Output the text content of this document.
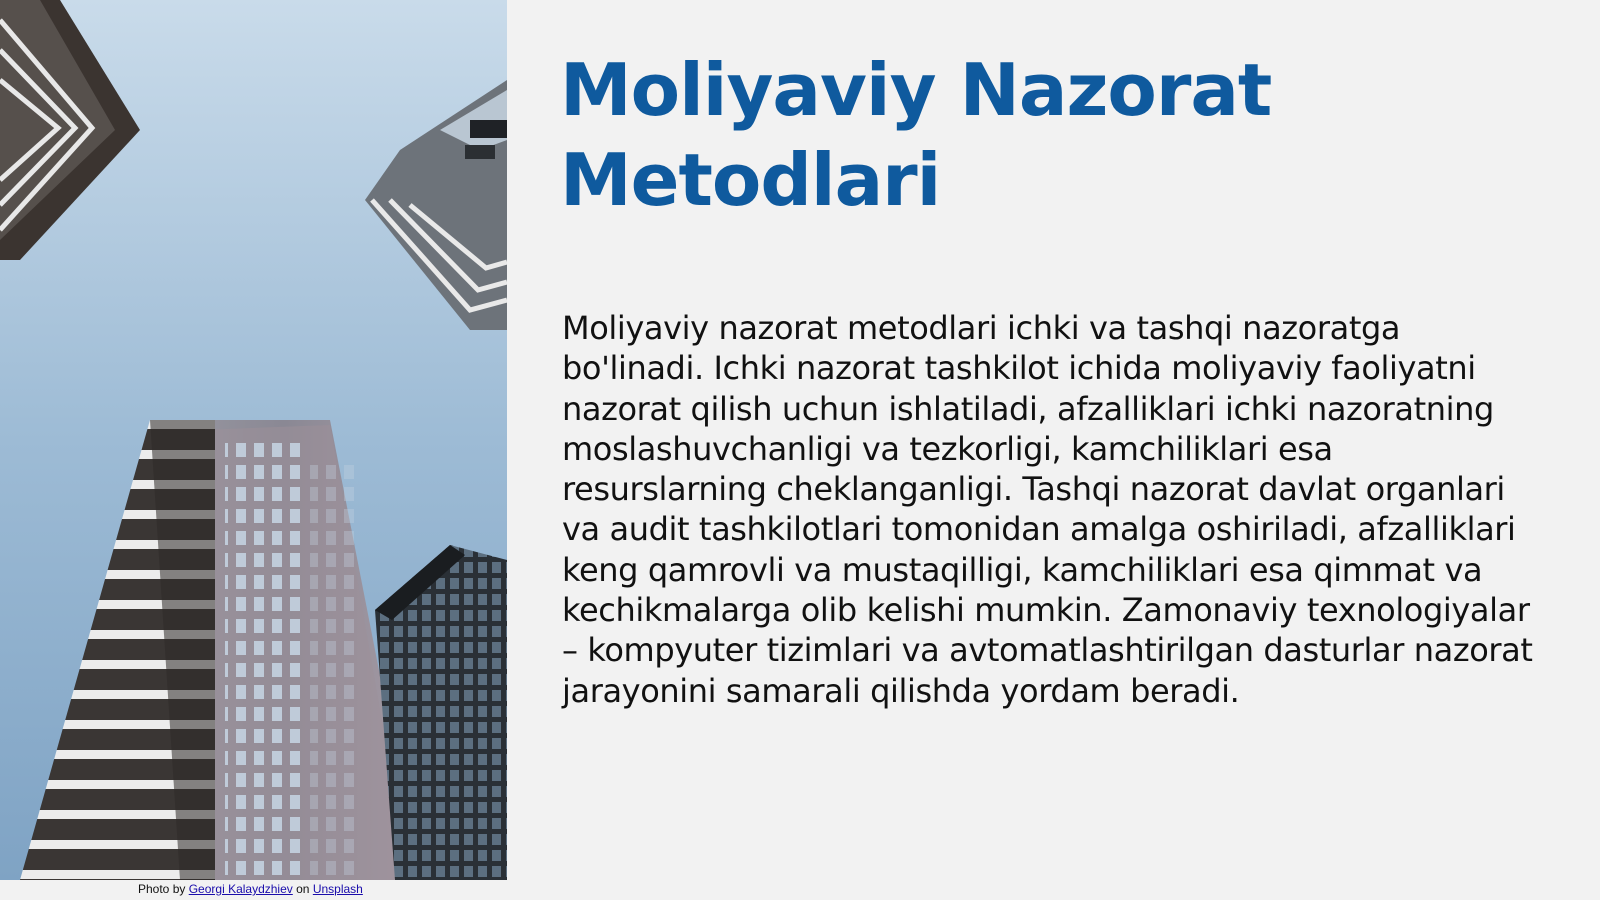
Photo by Georgi Kalaydzhiev on Unsplash
Moliyaviy Nazorat
Metodlari

Moliyaviy nazorat metodlari ichki va tashqi nazoratga bo'linadi. Ichki nazorat tashkilot ichida moliyaviy faoliyatni nazorat qilish uchun ishlatiladi, afzalliklari ichki nazoratning moslashuvchanligi va tezkorligi, kamchiliklari esa resurslarning cheklanganligi. Tashqi nazorat davlat organlari va audit tashkilotlari tomonidan amalga oshiriladi, afzalliklari keng qamrovli va mustaqilligi, kamchiliklari esa qimmat va kechikmalarga olib kelishi mumkin. Zamonaviy texnologiyalar – kompyuter tizimlari va avtomatlashtirilgan dasturlar nazorat jarayonini samarali qilishda yordam beradi.
